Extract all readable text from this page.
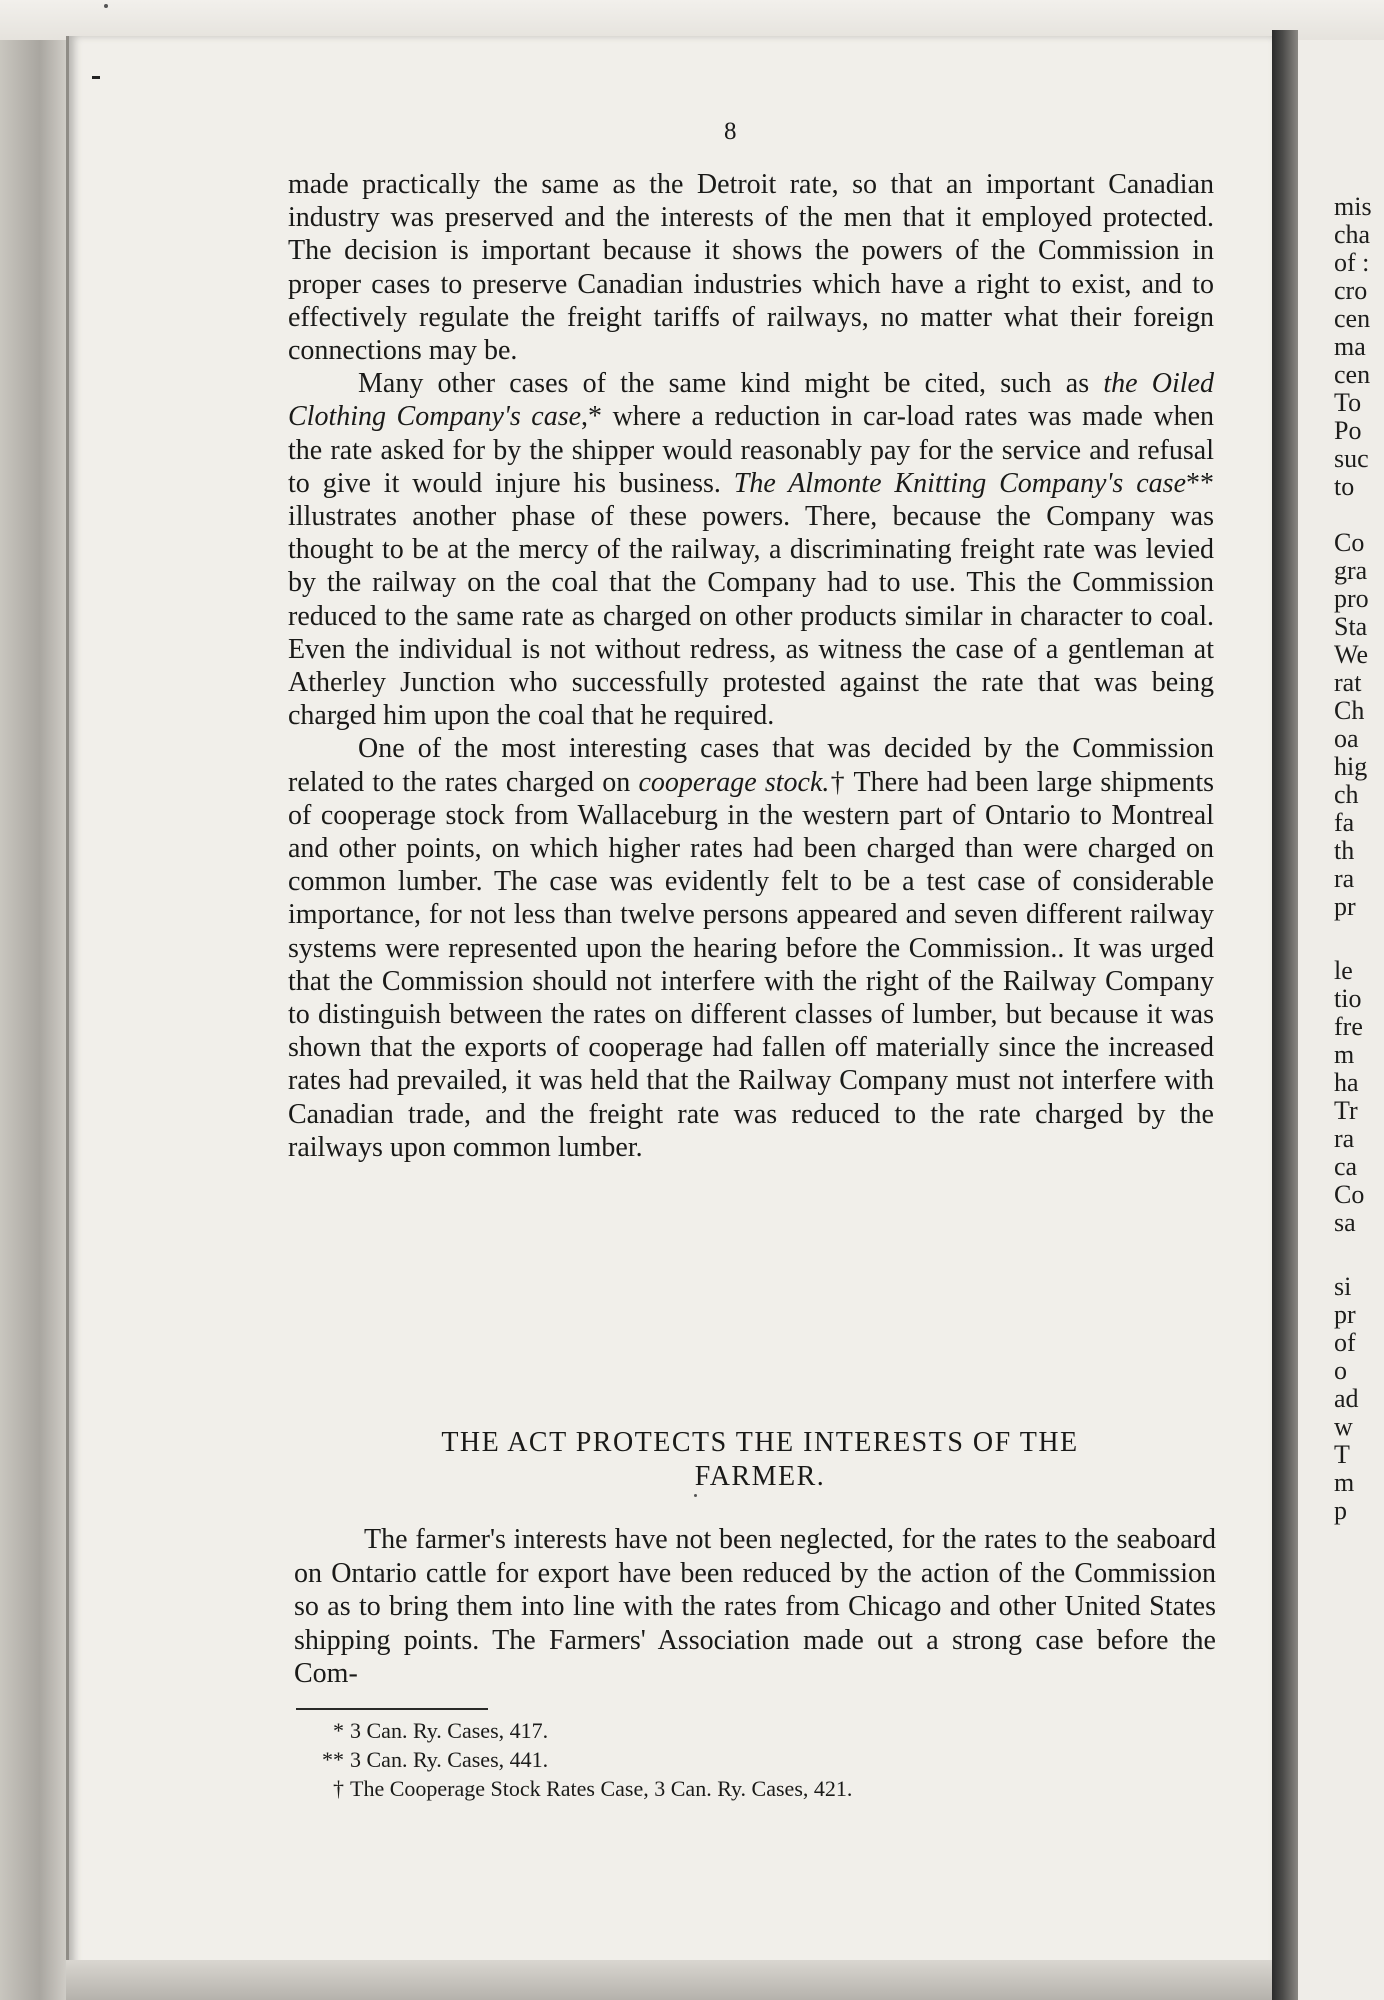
8

made practically the same as the Detroit rate, so that an important Canadian industry was preserved and the interests of the men that it employed protected. The decision is important because it shows the powers of the Commission in proper cases to preserve Canadian industries which have a right to exist, and to effectively regulate the freight tariffs of railways, no matter what their foreign connections may be.

Many other cases of the same kind might be cited, such as the Oiled Clothing Company's case,* where a reduction in car-load rates was made when the rate asked for by the shipper would reasonably pay for the service and refusal to give it would injure his business. The Almonte Knitting Company's case** illustrates another phase of these powers. There, because the Company was thought to be at the mercy of the railway, a discriminating freight rate was levied by the railway on the coal that the Company had to use. This the Commission reduced to the same rate as charged on other products similar in character to coal. Even the individual is not without redress, as witness the case of a gentleman at Atherley Junction who successfully protested against the rate that was being charged him upon the coal that he required.

One of the most interesting cases that was decided by the Commission related to the rates charged on cooperage stock.† There had been large shipments of cooperage stock from Wallaceburg in the western part of Ontario to Montreal and other points, on which higher rates had been charged than were charged on common lumber. The case was evidently felt to be a test case of considerable importance, for not less than twelve persons appeared and seven different railway systems were represented upon the hearing before the Commission.. It was urged that the Commission should not interfere with the right of the Railway Company to distinguish between the rates on different classes of lumber, but because it was shown that the exports of cooperage had fallen off materially since the increased rates had prevailed, it was held that the Railway Company must not interfere with Canadian trade, and the freight rate was reduced to the rate charged by the railways upon common lumber.

THE ACT PROTECTS THE INTERESTS OF THE
FARMER.

The farmer's interests have not been neglected, for the rates to the seaboard on Ontario cattle for export have been reduced by the action of the Commission so as to bring them into line with the rates from Chicago and other United States shipping points. The Farmers' Association made out a strong case before the Com-

* 3 Can. Ry. Cases, 417.

** 3 Can. Ry. Cases, 441.

† The Cooperage Stock Rates Case, 3 Can. Ry. Cases, 421.

mis

cha

of :

cro

cen

ma

cen

To

Po

suc

to

Co

gra

pro

Sta

We

rat

Ch

oa

hig

ch

fa

th

ra

pr

le

tio

fre

m

ha

Tr

ra

ca

Co

sa

si

pr

of

o

ad

w

T

m

p
